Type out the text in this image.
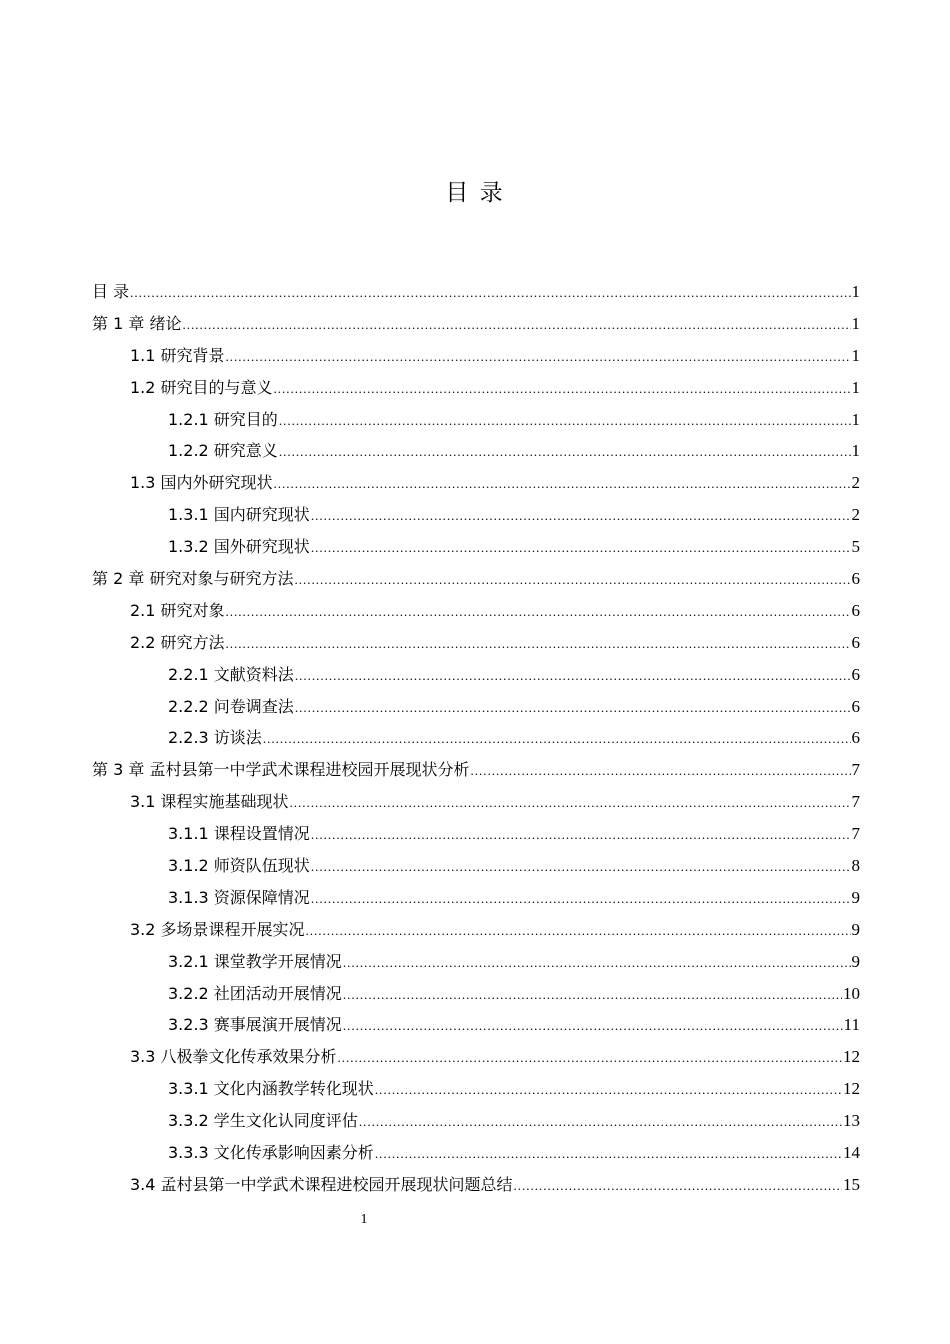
目 录
目 录 .....	1
第 1 章 绪论 .....	1
1.1 研究背景 .....	1
1.2 研究目的与意义 .....	1
1.2.1 研究目的 .....	1
1.2.2 研究意义 .....	1
1.3 国内外研究现状 .....	2
1.3.1 国内研究现状 .....	2
1.3.2 国外研究现状 .....	5
第 2 章 研究对象与研究方法 .....	6
2.1 研究对象 .....	6
2.2 研究方法 .....	6
2.2.1 文献资料法 .....	6
2.2.2 问卷调查法 .....	6
2.2.3 访谈法 .....	6
第 3 章 孟村县第一中学武术课程进校园开展现状分析 .....	7
3.1 课程实施基础现状 .....	7
3.1.1 课程设置情况 .....	7
3.1.2 师资队伍现状 .....	8
3.1.3 资源保障情况 .....	9
3.2 多场景课程开展实况 .....	9
3.2.1 课堂教学开展情况 .....	9
3.2.2 社团活动开展情况 .....	10
3.2.3 赛事展演开展情况 .....	11
3.3 八极拳文化传承效果分析 .....	12
3.3.1 文化内涵教学转化现状 .....	12
3.3.2 学生文化认同度评估 .....	13
3.3.3 文化传承影响因素分析 .....	14
3.4 孟村县第一中学武术课程进校园开展现状问题总结 .....	15
1
